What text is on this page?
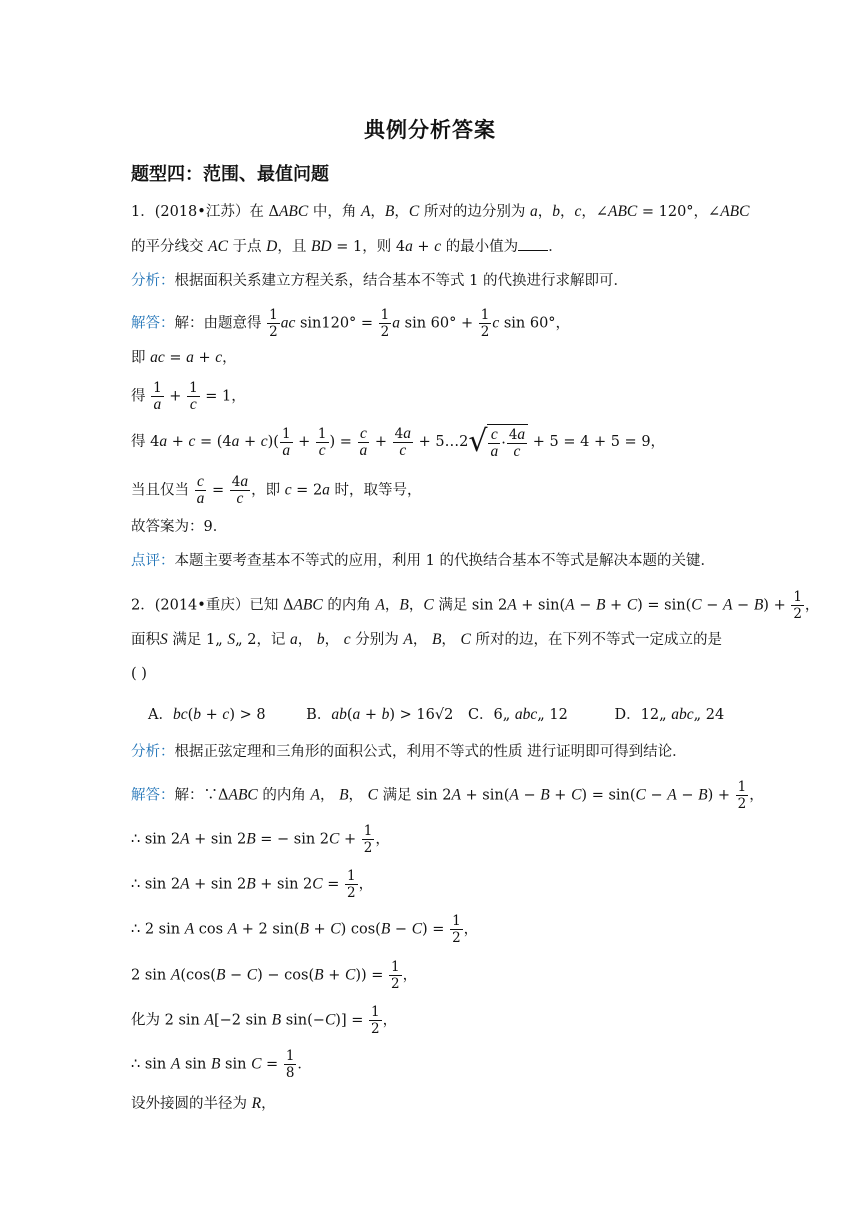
典例分析答案
题型四：范围、最值问题
1．(2018•江苏）在 ΔABC 中，角 A，B，C 所对的边分别为 a，b，c，∠ABC = 120°，∠ABC
的平分线交 AC 于点 D，且 BD = 1，则 4a + c 的最小值为 ．
分析：根据面积关系建立方程关系，结合基本不等式 1 的代换进行求解即可．
解答：解：由题意得 $\frac{1}{2}$ ac $\sin 120^\circ = \frac{1}{2}$ a $\sin 60^\circ + \frac{1}{2}$ c sin 60°，
即 ac = a + c，
得 $\frac{1}{a} + \frac{1}{c} = 1$，
得 $4a + c = (4a + c)( \frac{1}{a} + \frac{1}{c}$ ) = $\frac{c}{a} + \frac{4a}{c}$ + 5…2√ $\frac{c}{a} \cdot \frac{4a}{c} + 5 = 4 + 5 = 9$，
当且仅当 $\frac{c}{a} = \frac{4a}{c}$ ，即 c = 2a 时，取等号，
故答案为：9．
点评：本题主要考查基本不等式的应用，利用 1 的代换结合基本不等式是解决本题的关键．
2．(2014•重庆）已知 ΔABC 的内角 A，B，C 满足 $\sin 2A + \sin(A - B + C) = \sin(C - A - B) + \frac{1}{2}$ ，
面积S 满足 1„ S„ 2，记 a， b， c 分别为 A， B， C 所对的边，在下列不等式一定成立的是
( )
A．bc(b + c) > 8	B．ab(a + b) > 16√2 C．6„ abc„ 12	D．12„ abc„ 24
分析：根据正弦定理和三角形的面积公式，利用不等式的性质 进行证明即可得到结论．
解答：解：∵ΔABC 的内角 A， B， C 满足 $\sin 2A + \sin(A - B + C) = \sin(C - A - B) + \frac{1}{2}$ ，
∴ sin 2A + sin 2B = − $\sin 2C + \frac{1}{2}$ ，
∴ $\sin 2A + \sin 2B + \sin 2C = \frac{1}{2}$ ，
∴ 2 sin A cos A + 2 sin(B + C) $\cos(B - C) = \frac{1}{2}$ ，
2 $\sin A(\cos(B - C) - \cos(B + C)) = \frac{1}{2}$ ，
化为 2 sin A[−2 sin B $\sin(-C)] = \frac{1}{2}$ ，
∴ sin A sin B $\sin C = \frac{1}{8}$ ．
设外接圆的半径为 R，
